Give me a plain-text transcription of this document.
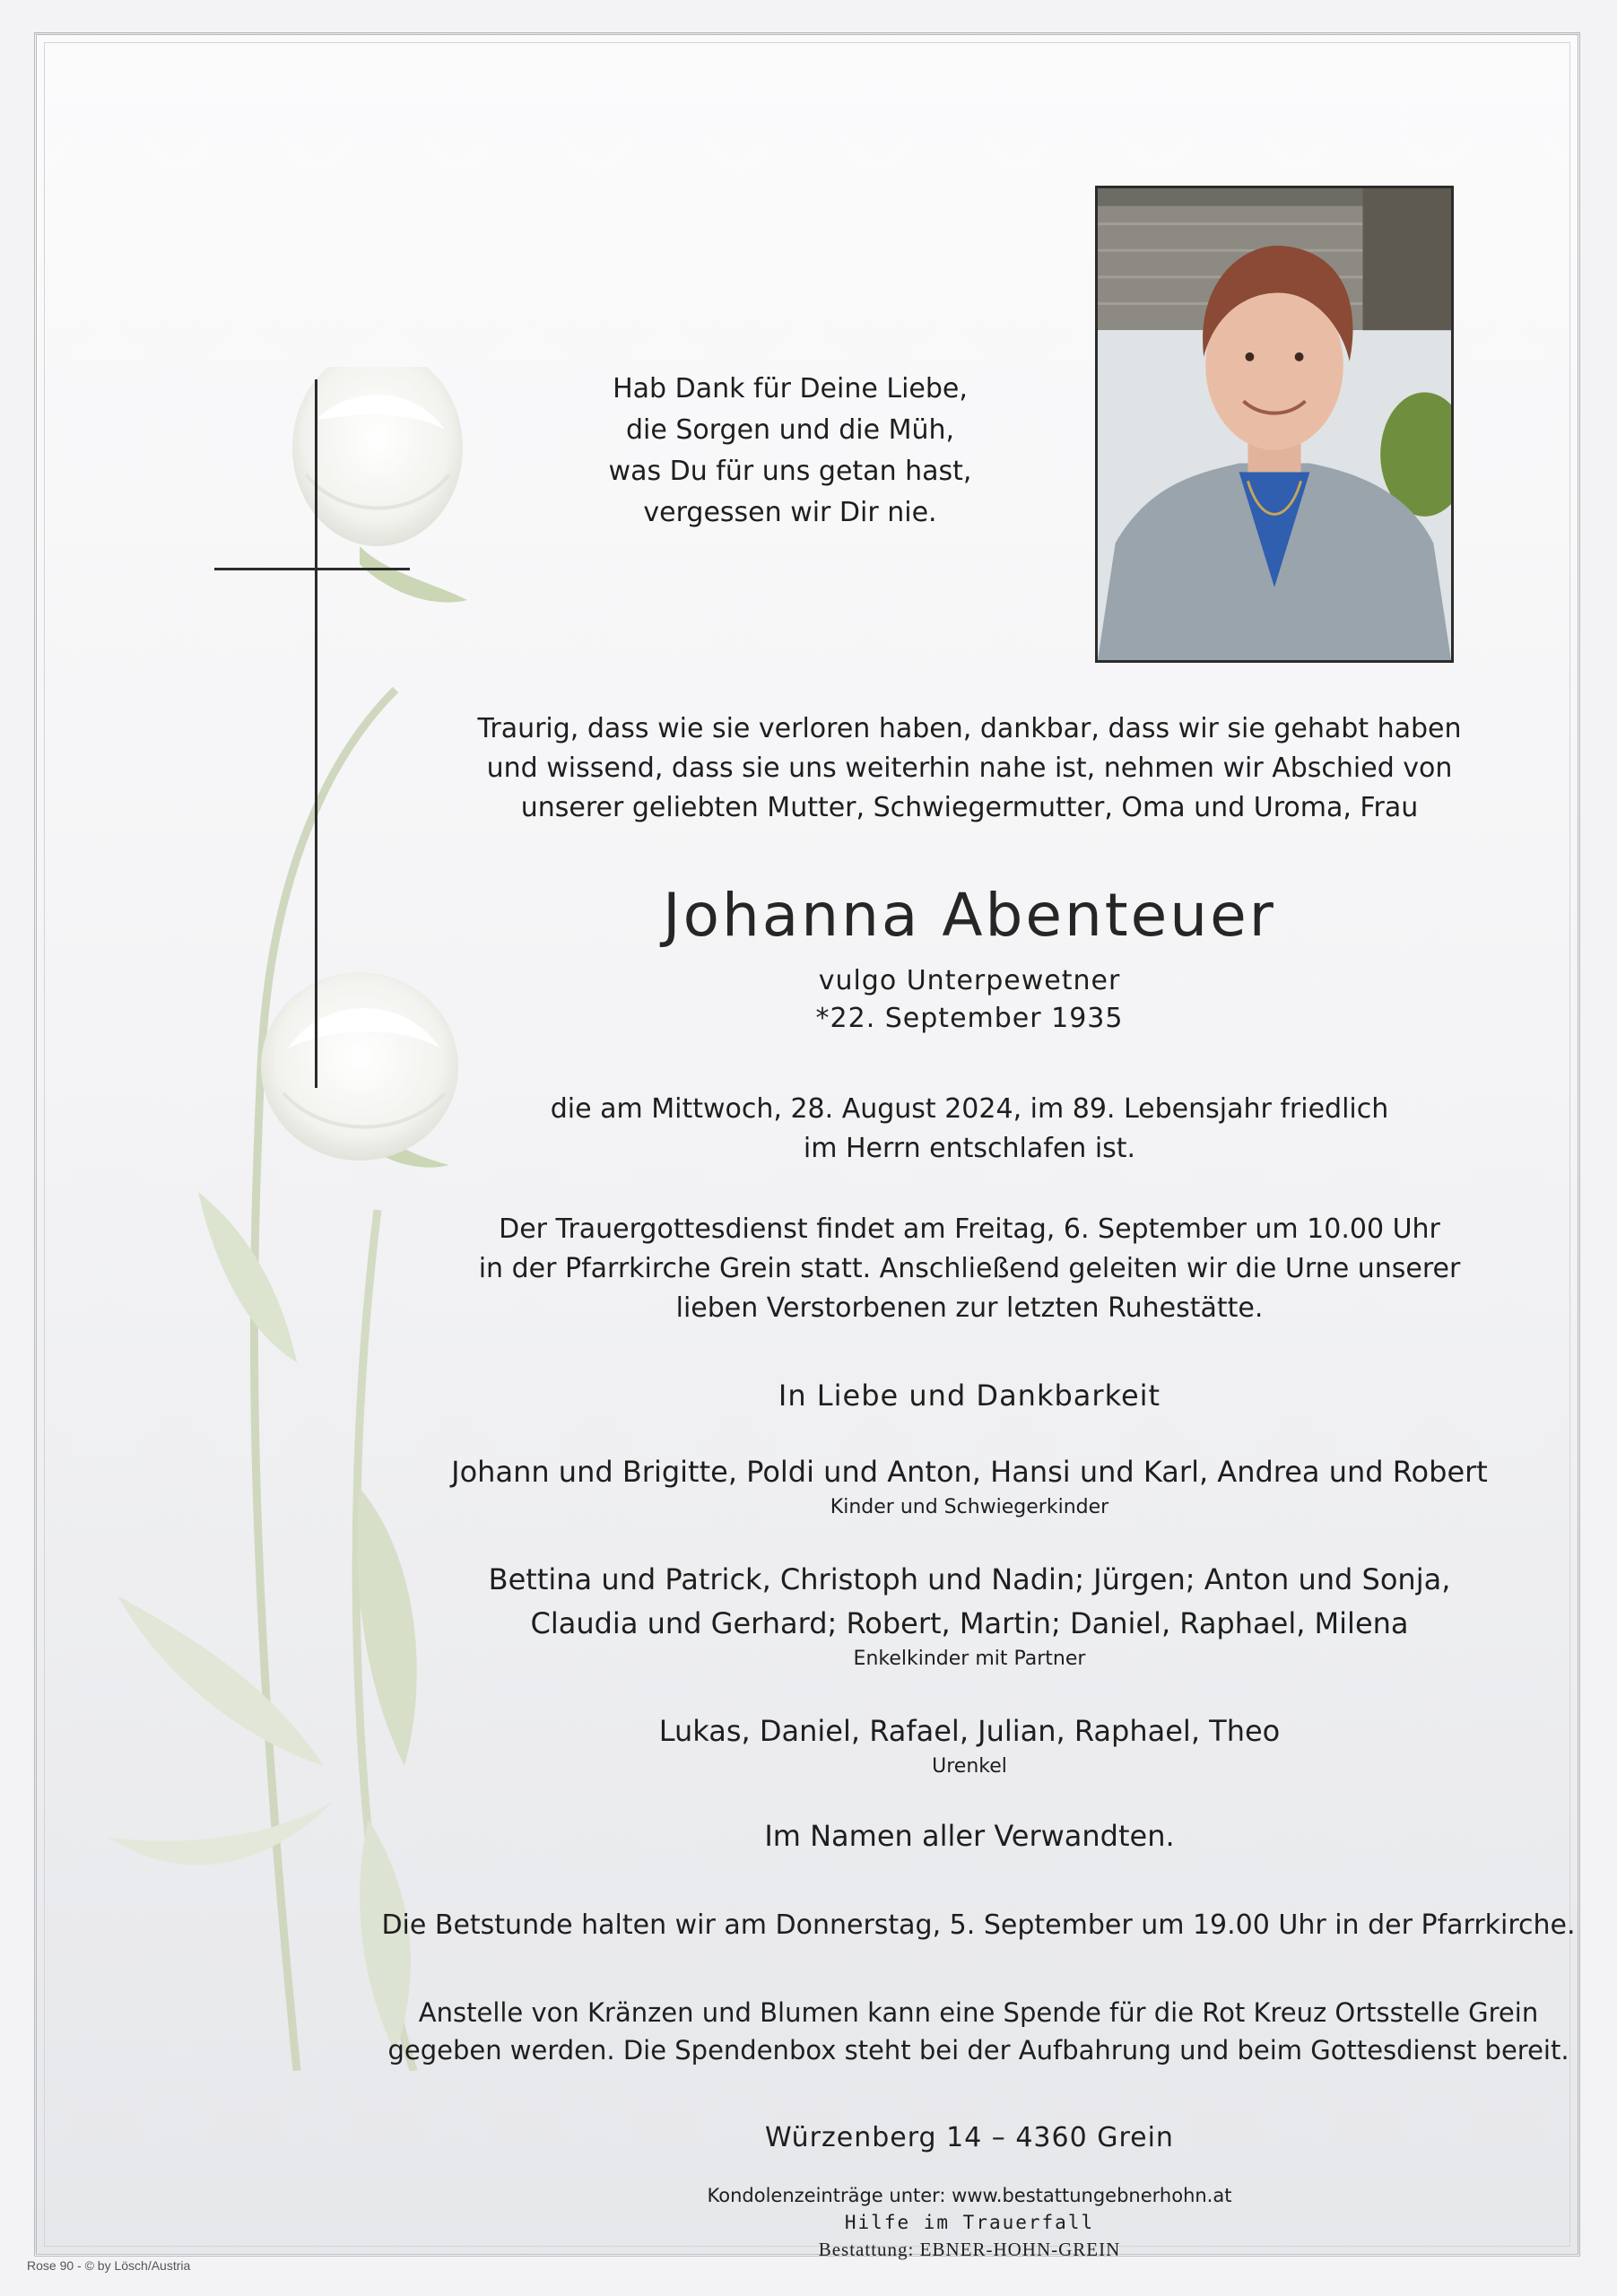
Hab Dank für Deine Liebe,
die Sorgen und die Müh,
was Du für uns getan hast,
vergessen wir Dir nie.
Traurig, dass wie sie verloren haben, dankbar, dass wir sie gehabt haben
und wissend, dass sie uns weiterhin nahe ist, nehmen wir Abschied von
unserer geliebten Mutter, Schwiegermutter, Oma und Uroma, Frau
Johanna Abenteuer
vulgo Unterpewetner
*22. September 1935
die am Mittwoch, 28. August 2024, im 89. Lebensjahr friedlich
im Herrn entschlafen ist.
Der Trauergottesdienst findet am Freitag, 6. September um 10.00 Uhr
in der Pfarrkirche Grein statt. Anschließend geleiten wir die Urne unserer
lieben Verstorbenen zur letzten Ruhestätte.
In Liebe und Dankbarkeit
Johann und Brigitte, Poldi und Anton, Hansi und Karl, Andrea und Robert
Kinder und Schwiegerkinder
Bettina und Patrick, Christoph und Nadin; Jürgen; Anton und Sonja,
Claudia und Gerhard; Robert, Martin; Daniel, Raphael, Milena
Enkelkinder mit Partner
Lukas, Daniel, Rafael, Julian, Raphael, Theo
Urenkel
Im Namen aller Verwandten.
Die Betstunde halten wir am Donnerstag, 5. September um 19.00 Uhr in der Pfarrkirche.
Anstelle von Kränzen und Blumen kann eine Spende für die Rot Kreuz Ortsstelle Grein
gegeben werden. Die Spendenbox steht bei der Aufbahrung und beim Gottesdienst bereit.
Würzenberg 14 – 4360 Grein
Kondolenzeinträge unter: www.bestattungebnerhohn.at
Hilfe im Trauerfall
Bestattung: EBNER-HOHN-GREIN
Rose 90 - © by Lösch/Austria
